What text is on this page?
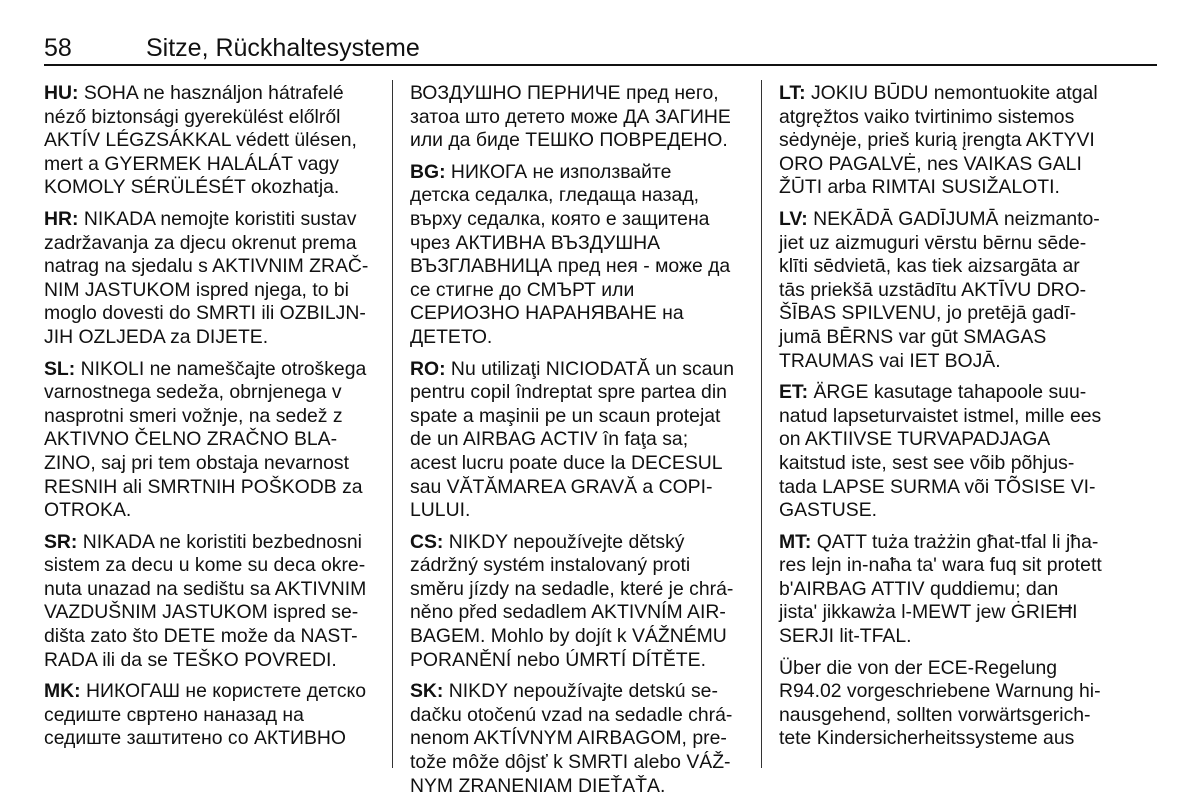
58	Sitze, Rückhaltesysteme
HU: SOHA ne használjon hátrafelé
néző biztonsági gyerekülést előlről
AKTÍV LÉGZSÁKKAL védett ülésen,
mert a GYERMEK HALÁLÁT vagy
KOMOLY SÉRÜLÉSÉT okozhatja.
HR: NIKADA nemojte koristiti sustav
zadržavanja za djecu okrenut prema
natrag na sjedalu s AKTIVNIM ZRAČ-
NIM JASTUKOM ispred njega, to bi
moglo dovesti do SMRTI ili OZBILJN-
JIH OZLJEDA za DIJETE.
SL: NIKOLI ne nameščajte otroškega
varnostnega sedeža, obrnjenega v
nasprotni smeri vožnje, na sedež z
AKTIVNO ČELNO ZRAČNO BLA-
ZINO, saj pri tem obstaja nevarnost
RESNIH ali SMRTNIH POŠKODB za
OTROKA.
SR: NIKADA ne koristiti bezbednosni
sistem za decu u kome su deca okre-
nuta unazad na sedištu sa AKTIVNIM
VAZDUŠNIM JASTUKOM ispred se-
dišta zato što DETE može da NAST-
RADA ili da se TEŠKO POVREDI.
MK: НИКОГАШ не користете детско
седиште свртено наназад на
седиште заштитено со АКТИВНО
ВОЗДУШНО ПЕРНИЧЕ пред него,
затоа што детето може ДА ЗАГИНЕ
или да биде ТЕШКО ПОВРЕДЕНО.
BG: НИКОГА не използвайте
детска седалка, гледаща назад,
върху седалка, която е защитена
чрез АКТИВНА ВЪЗДУШНА
ВЪЗГЛАВНИЦА пред нея - може да
се стигне до СМЪРТ или
СЕРИОЗНО НАРАНЯВАНЕ на
ДЕТЕТО.
RO: Nu utilizaţi NICIODATĂ un scaun
pentru copil îndreptat spre partea din
spate a maşinii pe un scaun protejat
de un AIRBAG ACTIV în faţa sa;
acest lucru poate duce la DECESUL
sau VĂTĂMAREA GRAVĂ a COPI-
LULUI.
CS: NIKDY nepoužívejte dětský
zádržný systém instalovaný proti
směru jízdy na sedadle, které je chrá-
něno před sedadlem AKTIVNÍM AIR-
BAGEM. Mohlo by dojít k VÁŽNÉMU
PORANĚNÍ nebo ÚMRTÍ DÍTĚTE.
SK: NIKDY nepoužívajte detskú se-
dačku otočenú vzad na sedadle chrá-
nenom AKTÍVNYM AIRBAGOM, pre-
tože môže dôjsť k SMRTI alebo VÁŽ-
NYM ZRANENIAM DIEŤAŤA.
LT: JOKIU BŪDU nemontuokite atgal
atgręžtos vaiko tvirtinimo sistemos
sėdynėje, prieš kurią įrengta AKTYVI
ORO PAGALVĖ, nes VAIKAS GALI
ŽŪTI arba RIMTAI SUSIŽALOTI.
LV: NEKĀDĀ GADĪJUMĀ neizmanto-
jiet uz aizmuguri vērstu bērnu sēde-
klīti sēdvietā, kas tiek aizsargāta ar
tās priekšā uzstādītu AKTĪVU DRO-
ŠĪBAS SPILVENU, jo pretējā gadī-
jumā BĒRNS var gūt SMAGAS
TRAUMAS vai IET BOJĀ.
ET: ÄRGE kasutage tahapoole suu-
natud lapseturvaistet istmel, mille ees
on AKTIIVSE TURVAPADJAGA
kaitstud iste, sest see võib põhjus-
tada LAPSE SURMA või TÕSISE VI-
GASTUSE.
MT: QATT tuża trażżin għat-tfal li jħa-
res lejn in-naħa ta' wara fuq sit protett
b'AIRBAG ATTIV quddiemu; dan
jista' jikkawża l-MEWT jew ĠRIEĦI
SERJI lit-TFAL.
Über die von der ECE-Regelung
R94.02 vorgeschriebene Warnung hi-
nausgehend, sollten vorwärtsgerich-
tete Kindersicherheitssysteme aus
